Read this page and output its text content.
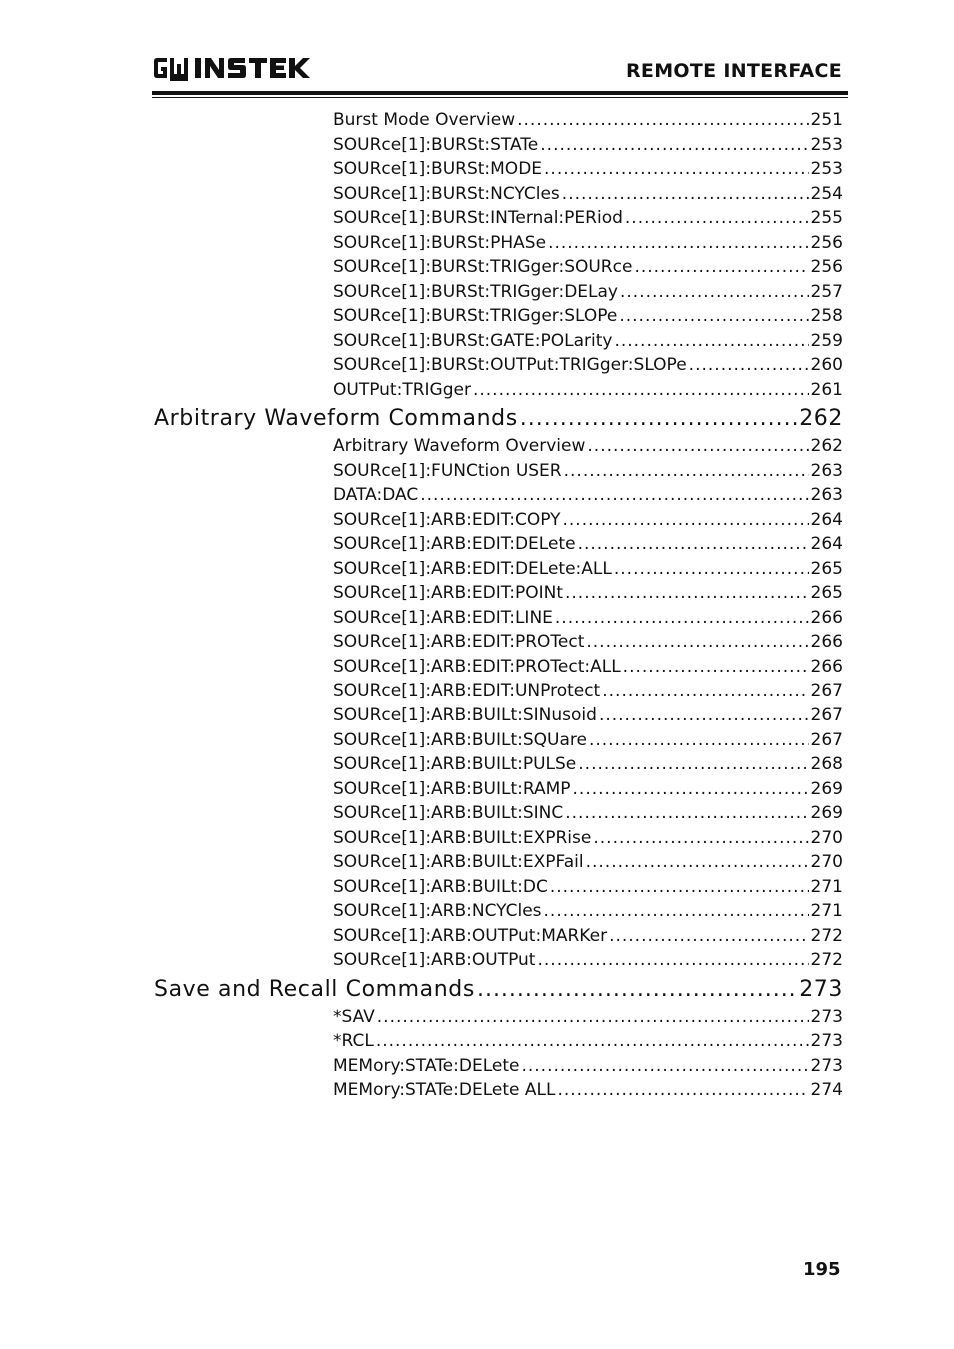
REMOTE INTERFACE
Burst Mode Overview .....	251
SOURce[1]:BURSt:STATe .....	253
SOURce[1]:BURSt:MODE .....	253
SOURce[1]:BURSt:NCYCles .....	254
SOURce[1]:BURSt:INTernal:PERiod .....	255
SOURce[1]:BURSt:PHASe .....	256
SOURce[1]:BURSt:TRIGger:SOURce .....	256
SOURce[1]:BURSt:TRIGger:DELay .....	257
SOURce[1]:BURSt:TRIGger:SLOPe .....	258
SOURce[1]:BURSt:GATE:POLarity .....	259
SOURce[1]:BURSt:OUTPut:TRIGger:SLOPe .....	260
OUTPut:TRIGger .....	261
Arbitrary Waveform Commands .....	262
Arbitrary Waveform Overview .....	262
SOURce[1]:FUNCtion USER .....	263
DATA:DAC .....	263
SOURce[1]:ARB:EDIT:COPY .....	264
SOURce[1]:ARB:EDIT:DELete .....	264
SOURce[1]:ARB:EDIT:DELete:ALL .....	265
SOURce[1]:ARB:EDIT:POINt .....	265
SOURce[1]:ARB:EDIT:LINE .....	266
SOURce[1]:ARB:EDIT:PROTect .....	266
SOURce[1]:ARB:EDIT:PROTect:ALL .....	266
SOURce[1]:ARB:EDIT:UNProtect .....	267
SOURce[1]:ARB:BUILt:SINusoid .....	267
SOURce[1]:ARB:BUILt:SQUare .....	267
SOURce[1]:ARB:BUILt:PULSe .....	268
SOURce[1]:ARB:BUILt:RAMP .....	269
SOURce[1]:ARB:BUILt:SINC .....	269
SOURce[1]:ARB:BUILt:EXPRise .....	270
SOURce[1]:ARB:BUILt:EXPFail .....	270
SOURce[1]:ARB:BUILt:DC .....	271
SOURce[1]:ARB:NCYCles .....	271
SOURce[1]:ARB:OUTPut:MARKer .....	272
SOURce[1]:ARB:OUTPut .....	272
Save and Recall Commands .....	273
*SAV .....	273
*RCL .....	273
MEMory:STATe:DELete .....	273
MEMory:STATe:DELete ALL .....	274
195
